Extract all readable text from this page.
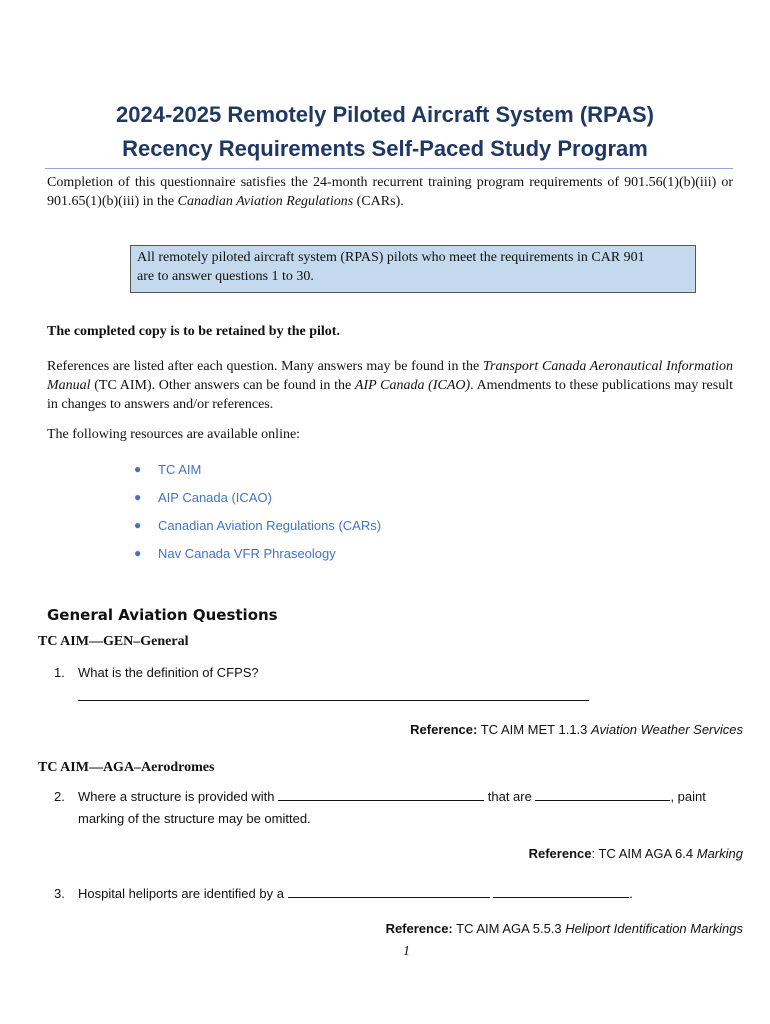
2024-2025 Remotely Piloted Aircraft System (RPAS)
Recency Requirements Self-Paced Study Program
Completion of this questionnaire satisfies the 24-month recurrent training program requirements of 901.56(1)(b)(iii) or 901.65(1)(b)(iii) in the Canadian Aviation Regulations (CARs).
All remotely piloted aircraft system (RPAS) pilots who meet the requirements in CAR 901
are to answer questions 1 to 30.
The completed copy is to be retained by the pilot.
References are listed after each question. Many answers may be found in the Transport Canada Aeronautical Information Manual (TC AIM). Other answers can be found in the AIP Canada (ICAO). Amendments to these publications may result in changes to answers and/or references.
The following resources are available online:
● TC AIM
● AIP Canada (ICAO)
● Canadian Aviation Regulations (CARs)
● Nav Canada VFR Phraseology
General Aviation Questions
TC AIM—GEN–General
1. What is the definition of CFPS?
Reference: TC AIM MET 1.1.3 Aviation Weather Services
TC AIM—AGA–Aerodromes
2. Where a structure is provided with	that are	, paint
marking of the structure may be omitted.
Reference: TC AIM AGA 6.4 Marking
3. Hospital heliports are identified by a	.
Reference: TC AIM AGA 5.5.3 Heliport Identification Markings
1
